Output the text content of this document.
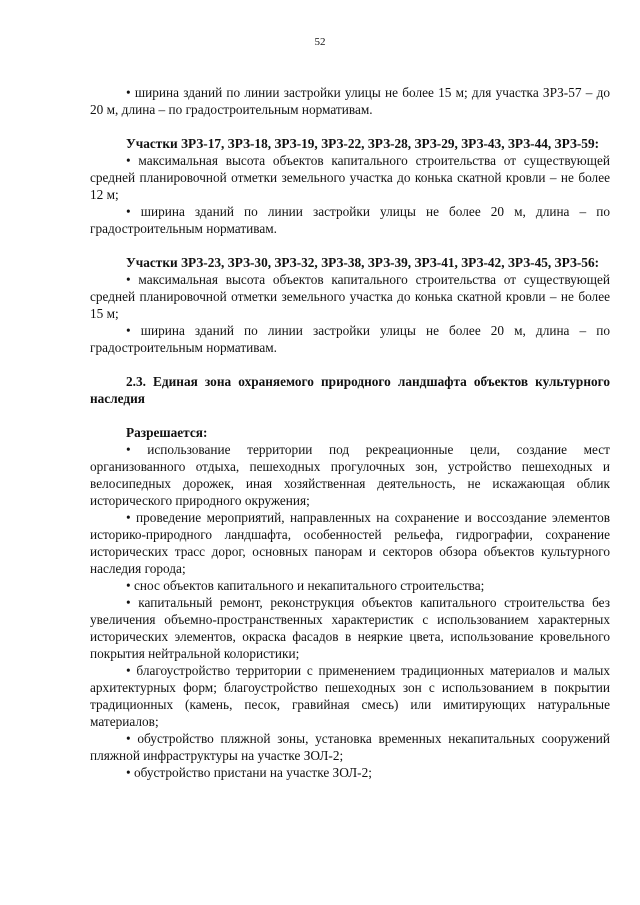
52

• ширина зданий по линии застройки улицы не более 15 м; для участка ЗРЗ-57 – до 20 м, длина – по градостроительным нормативам.

Участки ЗРЗ-17, ЗРЗ-18, ЗРЗ-19, ЗРЗ-22, ЗРЗ-28, ЗРЗ-29, ЗРЗ-43, ЗРЗ-44, ЗРЗ-59:

• максимальная высота объектов капитального строительства от существующей средней планировочной отметки земельного участка до конька скатной кровли – не более 12 м;

• ширина зданий по линии застройки улицы не более 20 м, длина – по градостроительным нормативам.

Участки ЗРЗ-23, ЗРЗ-30, ЗРЗ-32, ЗРЗ-38, ЗРЗ-39, ЗРЗ-41, ЗРЗ-42, ЗРЗ-45, ЗРЗ-56:

• максимальная высота объектов капитального строительства от существующей средней планировочной отметки земельного участка до конька скатной кровли – не более 15 м;

• ширина зданий по линии застройки улицы не более 20 м, длина – по градостроительным нормативам.

2.3. Единая зона охраняемого природного ландшафта объектов культурного наследия

Разрешается:

• использование территории под рекреационные цели, создание мест организованного отдыха, пешеходных прогулочных зон, устройство пешеходных и велосипедных дорожек, иная хозяйственная деятельность, не искажающая облик исторического природного окружения;

• проведение мероприятий, направленных на сохранение и воссоздание элементов историко-природного ландшафта, особенностей рельефа, гидрографии, сохранение исторических трасс дорог, основных панорам и секторов обзора объектов культурного наследия города;

• снос объектов капитального и некапитального строительства;

• капитальный ремонт, реконструкция объектов капитального строительства без увеличения объемно-пространственных характеристик с использованием характерных исторических элементов, окраска фасадов в неяркие цвета, использование кровельного покрытия нейтральной колористики;

• благоустройство территории с применением традиционных материалов и малых архитектурных форм; благоустройство пешеходных зон с использованием в покрытии традиционных (камень, песок, гравийная смесь) или имитирующих натуральные материалов;

• обустройство пляжной зоны, установка временных некапитальных сооружений пляжной инфраструктуры на участке ЗОЛ-2;

• обустройство пристани на участке ЗОЛ-2;
